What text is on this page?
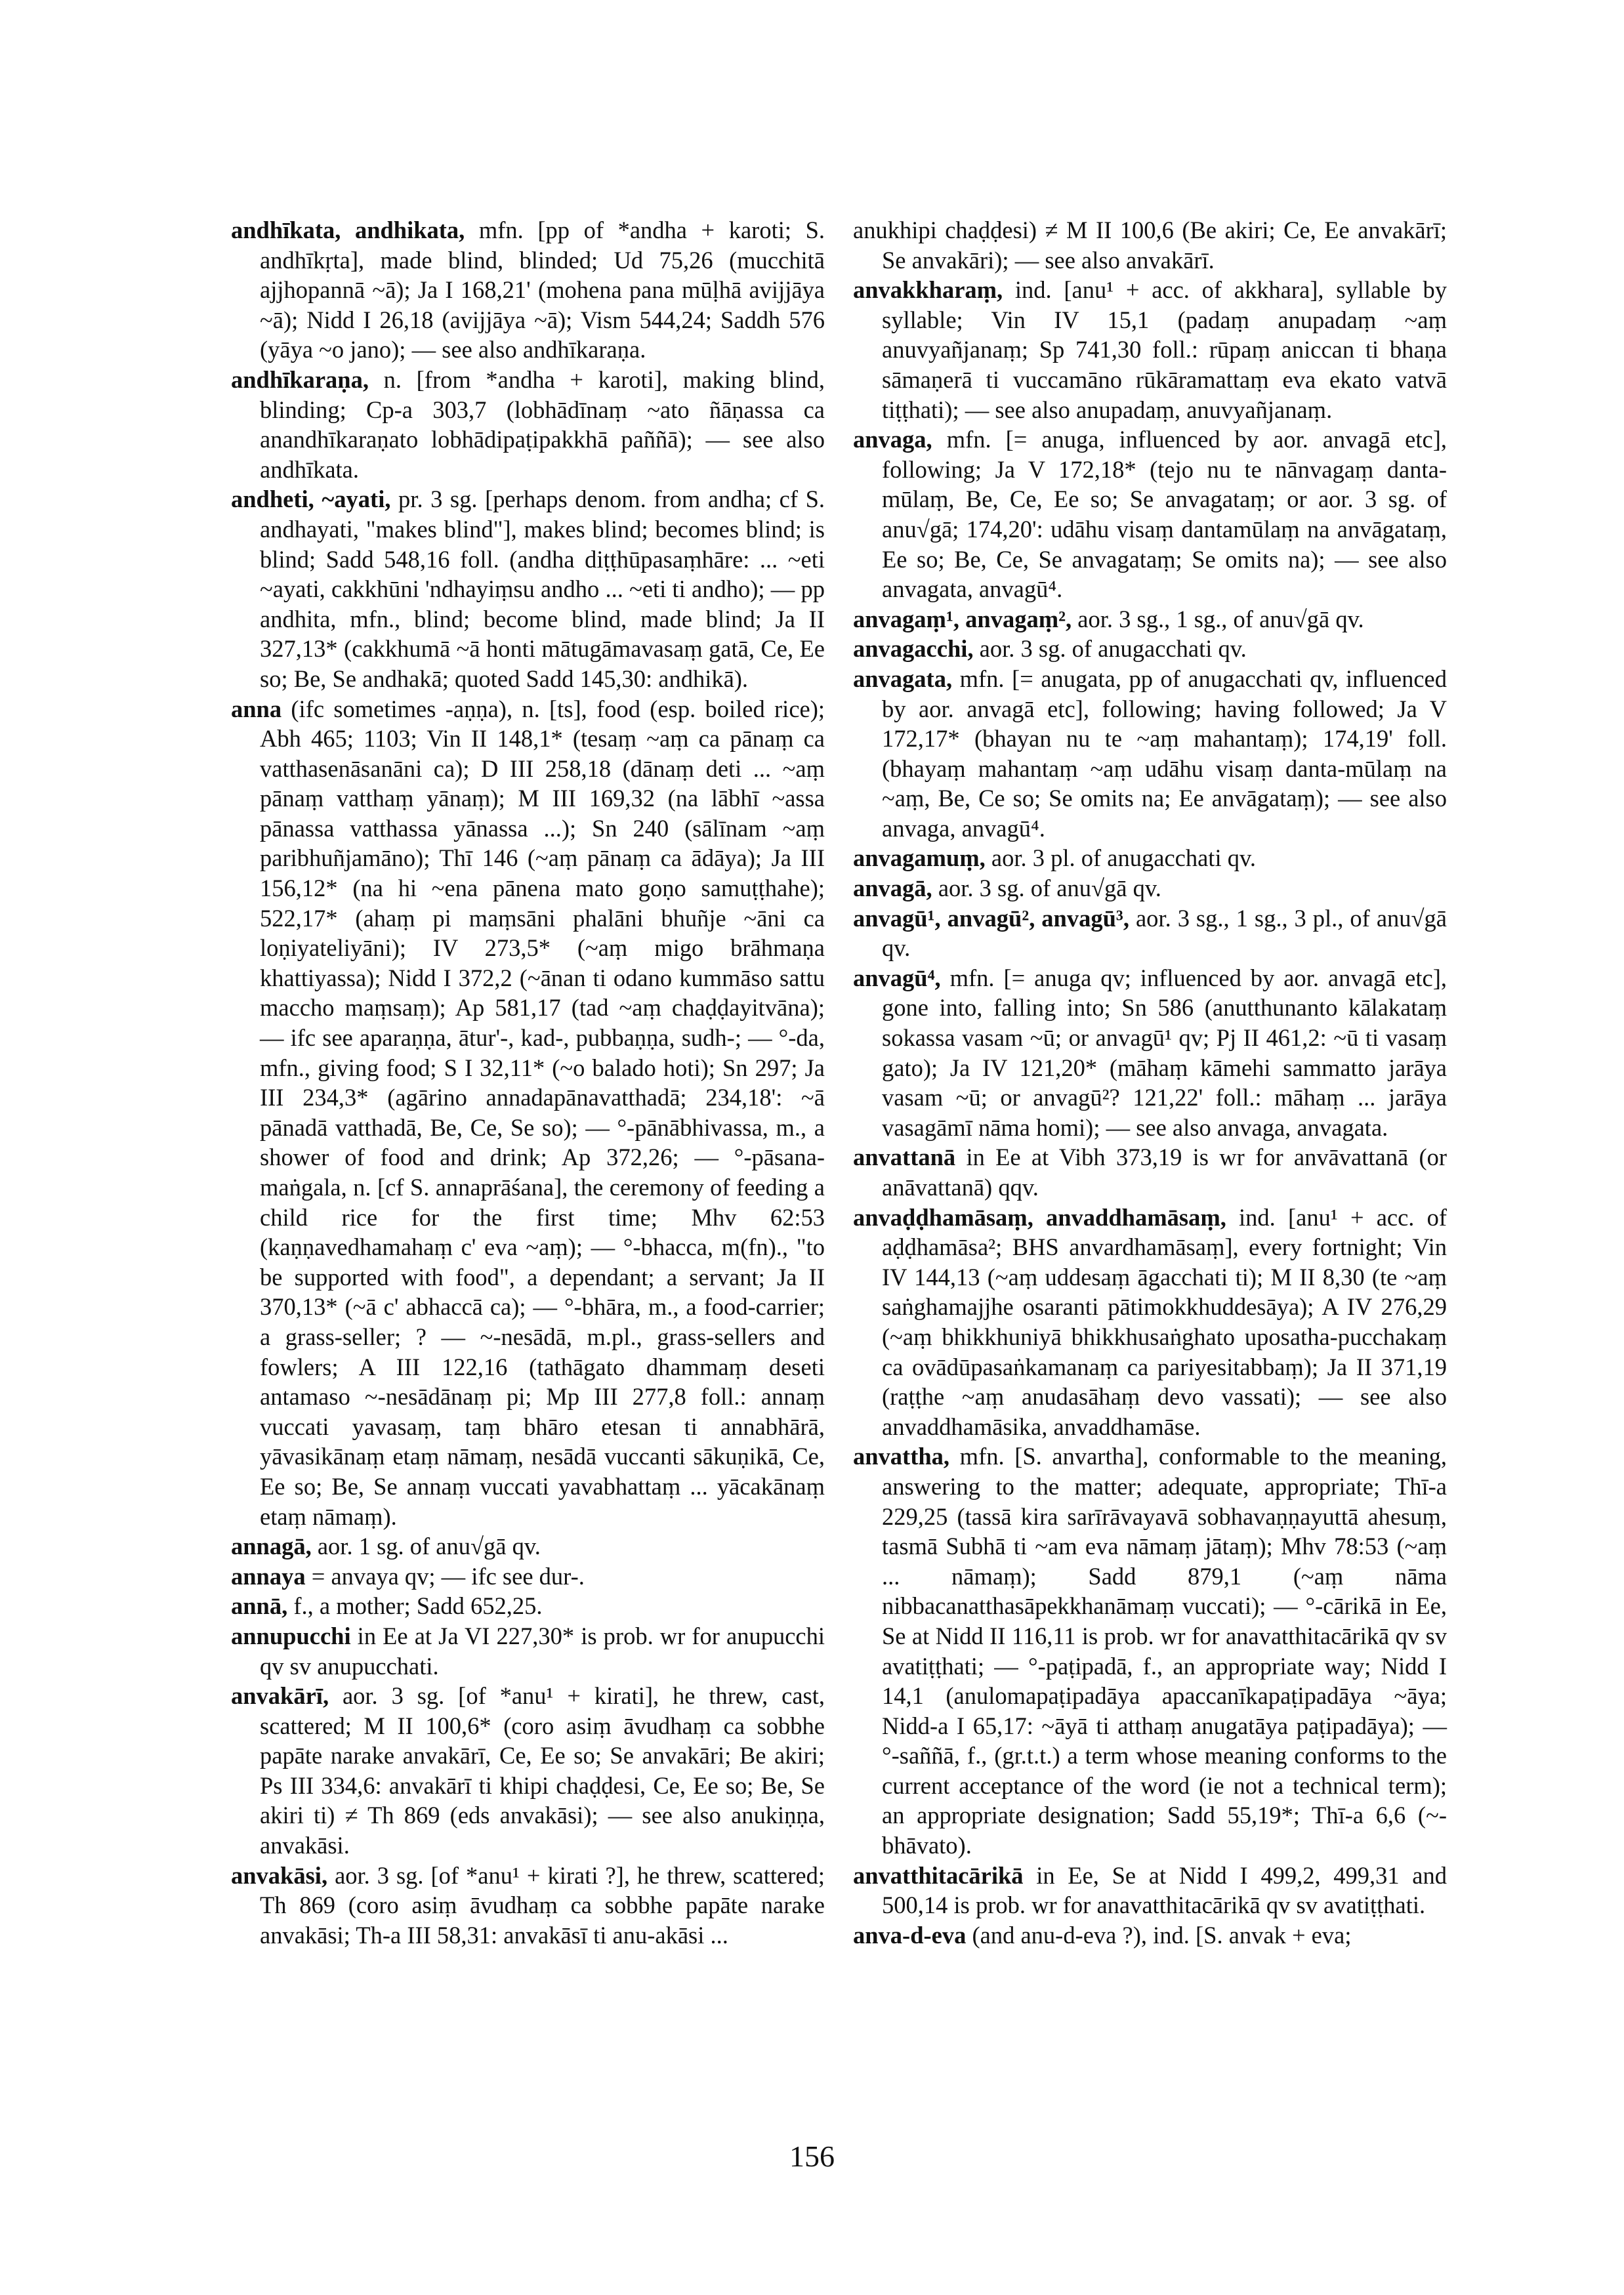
andhīkata, andhikata, mfn. [pp of *andha + karoti; S. andhīkṛta], made blind, blinded; Ud 75,26 (mucchitā ajjhopannā ~ā); Ja I 168,21' (mohena pana mūḷhā avijjāya ~ā); Nidd I 26,18 (avijjāya ~ā); Vism 544,24; Saddh 576 (yāya ~o jano); — see also andhīkaraṇa.

andhīkaraṇa, n. [from *andha + karoti], making blind, blinding; Cp-a 303,7 (lobhādīnaṃ ~ato ñāṇassa ca anandhīkaraṇato lobhādipaṭipakkhā paññā); — see also andhīkata.

andheti, ~ayati, pr. 3 sg. [perhaps denom. from andha; cf S. andhayati, "makes blind"], makes blind; becomes blind; is blind; Sadd 548,16 foll. (andha diṭṭhūpasaṃhāre: ... ~eti ~ayati, cakkhūni 'ndhayiṃsu andho ... ~eti ti andho); — pp andhita, mfn., blind; become blind, made blind; Ja II 327,13* (cakkhumā ~ā honti mātugāmavasaṃ gatā, Ce, Ee so; Be, Se andhakā; quoted Sadd 145,30: andhikā).

anna (ifc sometimes -aṇṇa), n. [ts], food (esp. boiled rice); Abh 465; 1103; Vin II 148,1* (tesaṃ ~aṃ ca pānaṃ ca vatthasenāsanāni ca); D III 258,18 (dānaṃ deti ... ~aṃ pānaṃ vatthaṃ yānaṃ); M III 169,32 (na lābhī ~assa pānassa vatthassa yānassa ...); Sn 240 (sālīnam ~aṃ paribhuñjamāno); Thī 146 (~aṃ pānaṃ ca ādāya); Ja III 156,12* (na hi ~ena pānena mato goṇo samuṭṭhahe); 522,17* (ahaṃ pi maṃsāni phalāni bhuñje ~āni ca loṇiyateliyāni); IV 273,5* (~aṃ migo brāhmaṇa khattiyassa); Nidd I 372,2 (~ānan ti odano kummāso sattu maccho maṃsaṃ); Ap 581,17 (tad ~aṃ chaḍḍayitvāna); — ifc see aparaṇṇa, ātur'-, kad-, pubbaṇṇa, sudh-; — °-da, mfn., giving food; S I 32,11* (~o balado hoti); Sn 297; Ja III 234,3* (agārino annadapānavatthadā; 234,18': ~ā pānadā vatthadā, Be, Ce, Se so); — °-pānābhivassa, m., a shower of food and drink; Ap 372,26; — °-pāsana-maṅgala, n. [cf S. annaprāśana], the ceremony of feeding a child rice for the first time; Mhv 62:53 (kaṇṇavedhamahaṃ c' eva ~aṃ); — °-bhacca, m(fn)., "to be supported with food", a dependant; a servant; Ja II 370,13* (~ā c' abhaccā ca); — °-bhāra, m., a food-carrier; a grass-seller; ? — ~-nesādā, m.pl., grass-sellers and fowlers; A III 122,16 (tathāgato dhammaṃ deseti antamaso ~-nesādānaṃ pi; Mp III 277,8 foll.: annaṃ vuccati yavasaṃ, taṃ bhāro etesan ti annabhārā, yāvasikānaṃ etaṃ nāmaṃ, nesādā vuccanti sākuṇikā, Ce, Ee so; Be, Se annaṃ vuccati yavabhattaṃ ... yācakānaṃ etaṃ nāmaṃ).

annagā, aor. 1 sg. of anu√gā qv.

annaya = anvaya qv; — ifc see dur-.

annā, f., a mother; Sadd 652,25.

annupucchi in Ee at Ja VI 227,30* is prob. wr for anupucchi qv sv anupucchati.

anvakārī, aor. 3 sg. [of *anu¹ + kirati], he threw, cast, scattered; M II 100,6* (coro asiṃ āvudhaṃ ca sobbhe papāte narake anvakārī, Ce, Ee so; Se anvakāri; Be akiri; Ps III 334,6: anvakārī ti khipi chaḍḍesi, Ce, Ee so; Be, Se akiri ti) ≠ Th 869 (eds anvakāsi); — see also anukiṇṇa, anvakāsi.

anvakāsi, aor. 3 sg. [of *anu¹ + kirati ?], he threw, scattered; Th 869 (coro asiṃ āvudhaṃ ca sobbhe papāte narake anvakāsi; Th-a III 58,31: anvakāsī ti anu-akāsi ...

anukhipi chaḍḍesi) ≠ M II 100,6 (Be akiri; Ce, Ee anvakārī; Se anvakāri); — see also anvakārī.

anvakkharaṃ, ind. [anu¹ + acc. of akkhara], syllable by syllable; Vin IV 15,1 (padaṃ anupadaṃ ~aṃ anuvyañjanaṃ; Sp 741,30 foll.: rūpaṃ aniccan ti bhaṇa sāmaṇerā ti vuccamāno rūkāramattaṃ eva ekato vatvā tiṭṭhati); — see also anupadaṃ, anuvyañjanaṃ.

anvaga, mfn. [= anuga, influenced by aor. anvagā etc], following; Ja V 172,18* (tejo nu te nānvagaṃ danta-mūlaṃ, Be, Ce, Ee so; Se anvagataṃ; or aor. 3 sg. of anu√gā; 174,20': udāhu visaṃ dantamūlaṃ na anvāgataṃ, Ee so; Be, Ce, Se anvagataṃ; Se omits na); — see also anvagata, anvagū⁴.

anvagaṃ¹, anvagaṃ², aor. 3 sg., 1 sg., of anu√gā qv.

anvagacchi, aor. 3 sg. of anugacchati qv.

anvagata, mfn. [= anugata, pp of anugacchati qv, influenced by aor. anvagā etc], following; having followed; Ja V 172,17* (bhayan nu te ~aṃ mahantaṃ); 174,19' foll. (bhayaṃ mahantaṃ ~aṃ udāhu visaṃ danta-mūlaṃ na ~aṃ, Be, Ce so; Se omits na; Ee anvāgataṃ); — see also anvaga, anvagū⁴.

anvagamuṃ, aor. 3 pl. of anugacchati qv.

anvagā, aor. 3 sg. of anu√gā qv.

anvagū¹, anvagū², anvagū³, aor. 3 sg., 1 sg., 3 pl., of anu√gā qv.

anvagū⁴, mfn. [= anuga qv; influenced by aor. anvagā etc], gone into, falling into; Sn 586 (anutthunanto kālakataṃ sokassa vasam ~ū; or anvagū¹ qv; Pj II 461,2: ~ū ti vasaṃ gato); Ja IV 121,20* (māhaṃ kāmehi sammatto jarāya vasam ~ū; or anvagū²? 121,22' foll.: māhaṃ ... jarāya vasagāmī nāma homi); — see also anvaga, anvagata.

anvattanā in Ee at Vibh 373,19 is wr for anvāvattanā (or anāvattanā) qqv.

anvaḍḍhamāsaṃ, anvaddhamāsaṃ, ind. [anu¹ + acc. of aḍḍhamāsa²; BHS anvardhamāsaṃ], every fortnight; Vin IV 144,13 (~aṃ uddesaṃ āgacchati ti); M II 8,30 (te ~aṃ saṅghamajjhe osaranti pātimokkhuddesāya); A IV 276,29 (~aṃ bhikkhuniyā bhikkhusaṅghato uposatha-pucchakaṃ ca ovādūpasaṅkamanaṃ ca pariyesitabbaṃ); Ja II 371,19 (raṭṭhe ~aṃ anudasāhaṃ devo vassati); — see also anvaddhamāsika, anvaddhamāse.

anvattha, mfn. [S. anvartha], conformable to the meaning, answering to the matter; adequate, appropriate; Thī-a 229,25 (tassā kira sarīrāvayavā sobhavaṇṇayuttā ahesuṃ, tasmā Subhā ti ~am eva nāmaṃ jātaṃ); Mhv 78:53 (~aṃ ... nāmaṃ); Sadd 879,1 (~aṃ nāma nibbacanatthasāpekkhanāmaṃ vuccati); — °-cārikā in Ee, Se at Nidd II 116,11 is prob. wr for anavatthitacārikā qv sv avatiṭṭhati; — °-paṭipadā, f., an appropriate way; Nidd I 14,1 (anulomapaṭipadāya apaccanīkapaṭipadāya ~āya; Nidd-a I 65,17: ~āyā ti atthaṃ anugatāya paṭipadāya); — °-saññā, f., (gr.t.t.) a term whose meaning conforms to the current acceptance of the word (ie not a technical term); an appropriate designation; Sadd 55,19*; Thī-a 6,6 (~-bhāvato).

anvatthitacārikā in Ee, Se at Nidd I 499,2, 499,31 and 500,14 is prob. wr for anavatthitacārikā qv sv avatiṭṭhati.

anva-d-eva (and anu-d-eva ?), ind. [S. anvak + eva;

156
